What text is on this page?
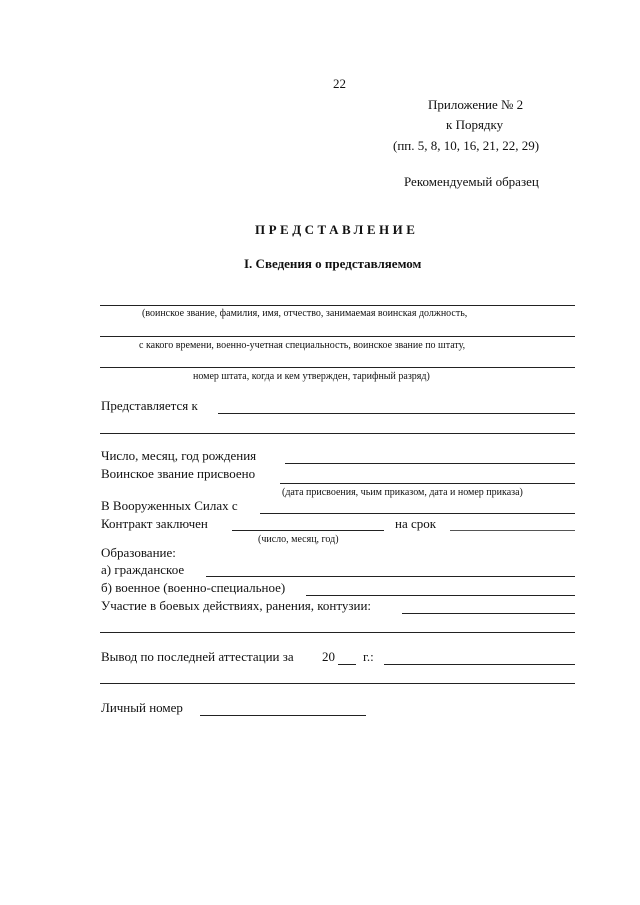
22
Приложение № 2
к Порядку
(пп. 5, 8, 10, 16, 21, 22, 29)
Рекомендуемый образец
ПРЕДСТАВЛЕНИЕ
I. Сведения о представляемом
(воинское звание, фамилия, имя, отчество, занимаемая воинская должность,
с какого времени, военно-учетная специальность, воинское звание по штату,
номер штата, когда и кем утвержден, тарифный разряд)
Представляется к
Число, месяц, год рождения
Воинское звание присвоено
(дата присвоения, чьим приказом, дата и номер приказа)
В Вооруженных Силах с
Контракт заключен	на срок
(число, месяц, год)
Образование:
а) гражданское
б) военное (военно-специальное)
Участие в боевых действиях, ранения, контузии:
Вывод по последней аттестации за 20 г.:
Личный номер
